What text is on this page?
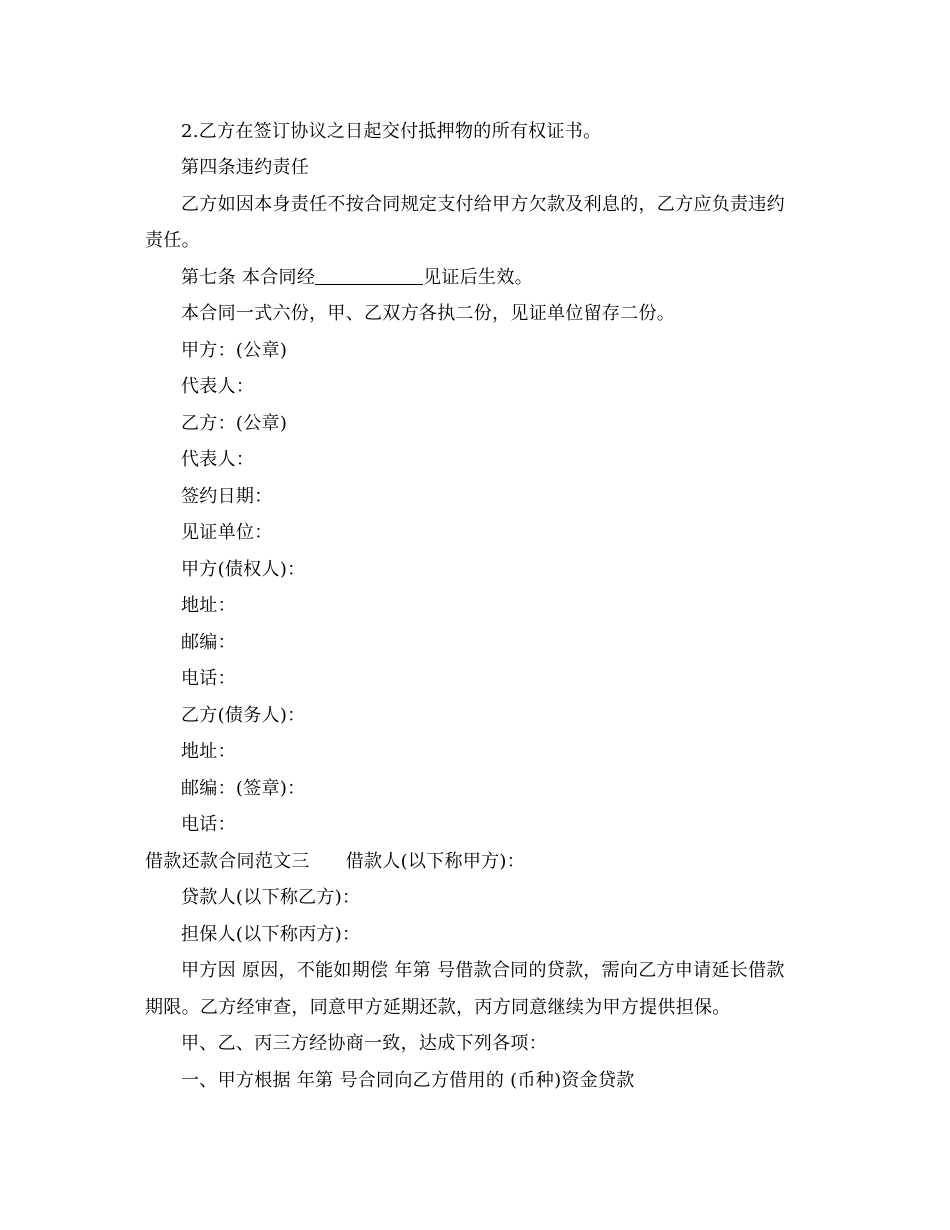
2.乙方在签订协议之日起交付抵押物的所有权证书。
第四条违约责任
乙方如因本身责任不按合同规定支付给甲方欠款及利息的，乙方应负责违约
责任。
第七条 本合同经	见证后生效。
本合同一式六份，甲、乙双方各执二份，见证单位留存二份。
甲方：(公章)
代表人：
乙方：(公章)
代表人：
签约日期：
见证单位：
甲方(债权人)：
地址：
邮编：
电话：
乙方(债务人)：
地址：
邮编：(签章)：
电话：
借款还款合同范文三 借款人(以下称甲方)：
贷款人(以下称乙方)：
担保人(以下称丙方)：
甲方因 原因，不能如期偿 年第 号借款合同的贷款，需向乙方申请延长借款
期限。乙方经审查，同意甲方延期还款，丙方同意继续为甲方提供担保。
甲、乙、丙三方经协商一致，达成下列各项：
一、甲方根据 年第 号合同向乙方借用的 (币种)资金贷款
